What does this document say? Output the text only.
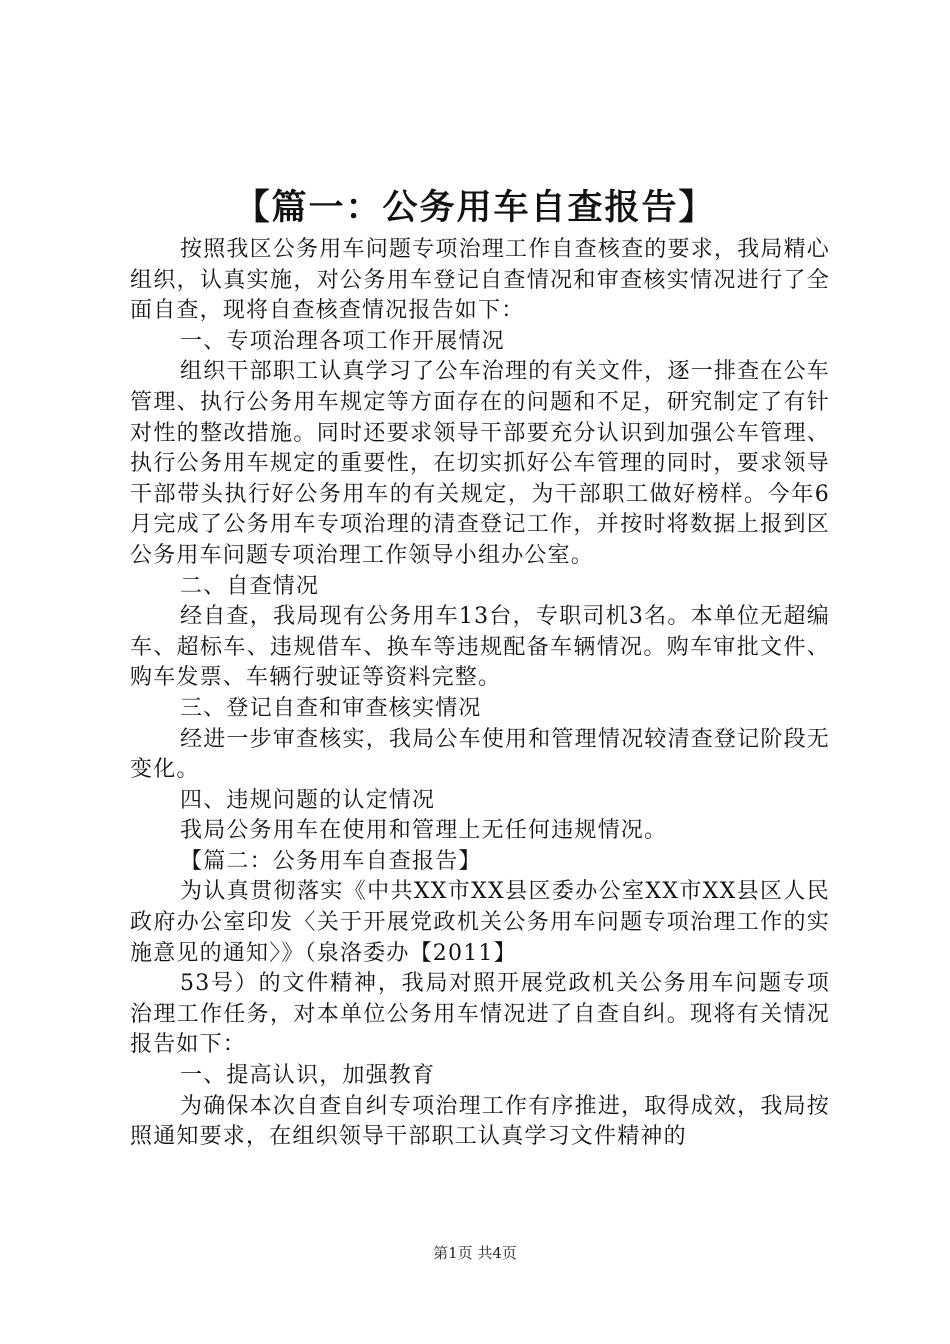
【篇一：公务用车自查报告】

按照我区公务用车问题专项治理工作自查核查的要求，我局精心组织，认真实施，对公务用车登记自查情况和审查核实情况进行了全面自查，现将自查核查情况报告如下：

一、专项治理各项工作开展情况

组织干部职工认真学习了公车治理的有关文件，逐一排查在公车管理、执行公务用车规定等方面存在的问题和不足，研究制定了有针对性的整改措施。同时还要求领导干部要充分认识到加强公车管理、执行公务用车规定的重要性，在切实抓好公车管理的同时，要求领导干部带头执行好公务用车的有关规定，为干部职工做好榜样。今年6月完成了公务用车专项治理的清查登记工作，并按时将数据上报到区公务用车问题专项治理工作领导小组办公室。

二、自查情况

经自查，我局现有公务用车13台，专职司机3名。本单位无超编车、超标车、违规借车、换车等违规配备车辆情况。购车审批文件、购车发票、车辆行驶证等资料完整。

三、登记自查和审查核实情况

经进一步审查核实，我局公车使用和管理情况较清查登记阶段无变化。

四、违规问题的认定情况

我局公务用车在使用和管理上无任何违规情况。

【篇二：公务用车自查报告】

为认真贯彻落实《中共XX市XX县区委办公室XX市XX县区人民政府办公室印发〈关于开展党政机关公务用车问题专项治理工作的实施意见的通知〉》（泉洛委办【2011】

53号）的文件精神，我局对照开展党政机关公务用车问题专项治理工作任务，对本单位公务用车情况进了自查自纠。现将有关情况报告如下：

一、提高认识，加强教育

为确保本次自查自纠专项治理工作有序推进，取得成效，我局按照通知要求，在组织领导干部职工认真学习文件精神的

第1页 共4页
